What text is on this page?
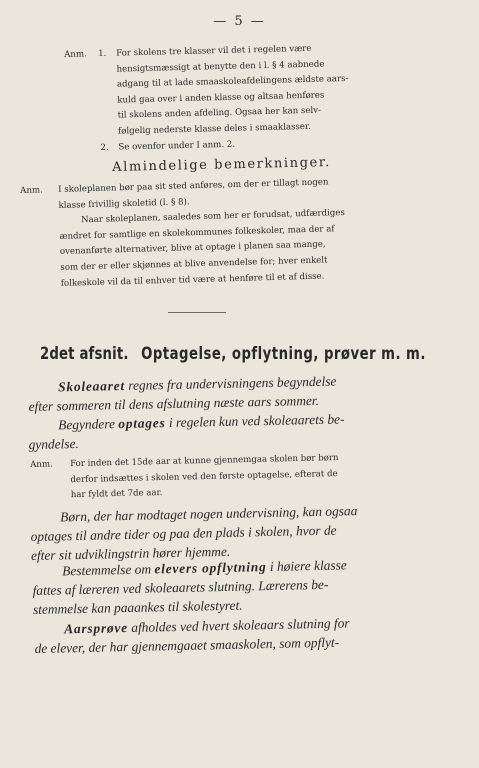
— 5 —
Anm. 1. For skolens tre klasser vil det i regelen være
hensigtsmæssigt at benytte den i l. § 4 aabnede
adgang til at lade smaaskoleafdelingens ældste aars-
kuld gaa over i anden klasse og altsaa henføres
til skolens anden afdeling. Ogsaa her kan selv-
følgelig nederste klasse deles i smaaklasser.
2. Se ovenfor under I anm. 2.
Almindelige bemerkninger.
Anm. I skoleplanen bør paa sit sted anføres, om der er tillagt nogen
klasse frivillig skoletid (l. § 8).
Naar skoleplanen, saaledes som her er forudsat, udfærdiges
ændret for samtlige en skolekommunes folkeskoler, maa der af
ovenanførte alternativer, blive at optage i planen saa mange,
som der er eller skjønnes at blive anvendelse for; hver enkelt
folkeskole vil da til enhver tid være at henføre til et af disse.
2det afsnit. Optagelse, opflytning, prøver m. m.
Skoleaaret regnes fra undervisningens begyndelse
efter sommeren til dens afslutning næste aars sommer.
Begyndere optages i regelen kun ved skoleaarets be-
gyndelse.
Anm. For inden det 15de aar at kunne gjennemgaa skolen bør børn
derfor indsættes i skolen ved den første optagelse, efterat de
har fyldt det 7de aar.
Børn, der har modtaget nogen undervisning, kan ogsaa
optages til andre tider og paa den plads i skolen, hvor de
efter sit udviklingstrin hører hjemme.
Bestemmelse om elevers opflytning i høiere klasse
fattes af læreren ved skoleaarets slutning. Lærerens be-
stemmelse kan paaankes til skolestyret.
Aarsprøve afholdes ved hvert skoleaars slutning for
de elever, der har gjennemgaaet smaaskolen, som opflyt-
